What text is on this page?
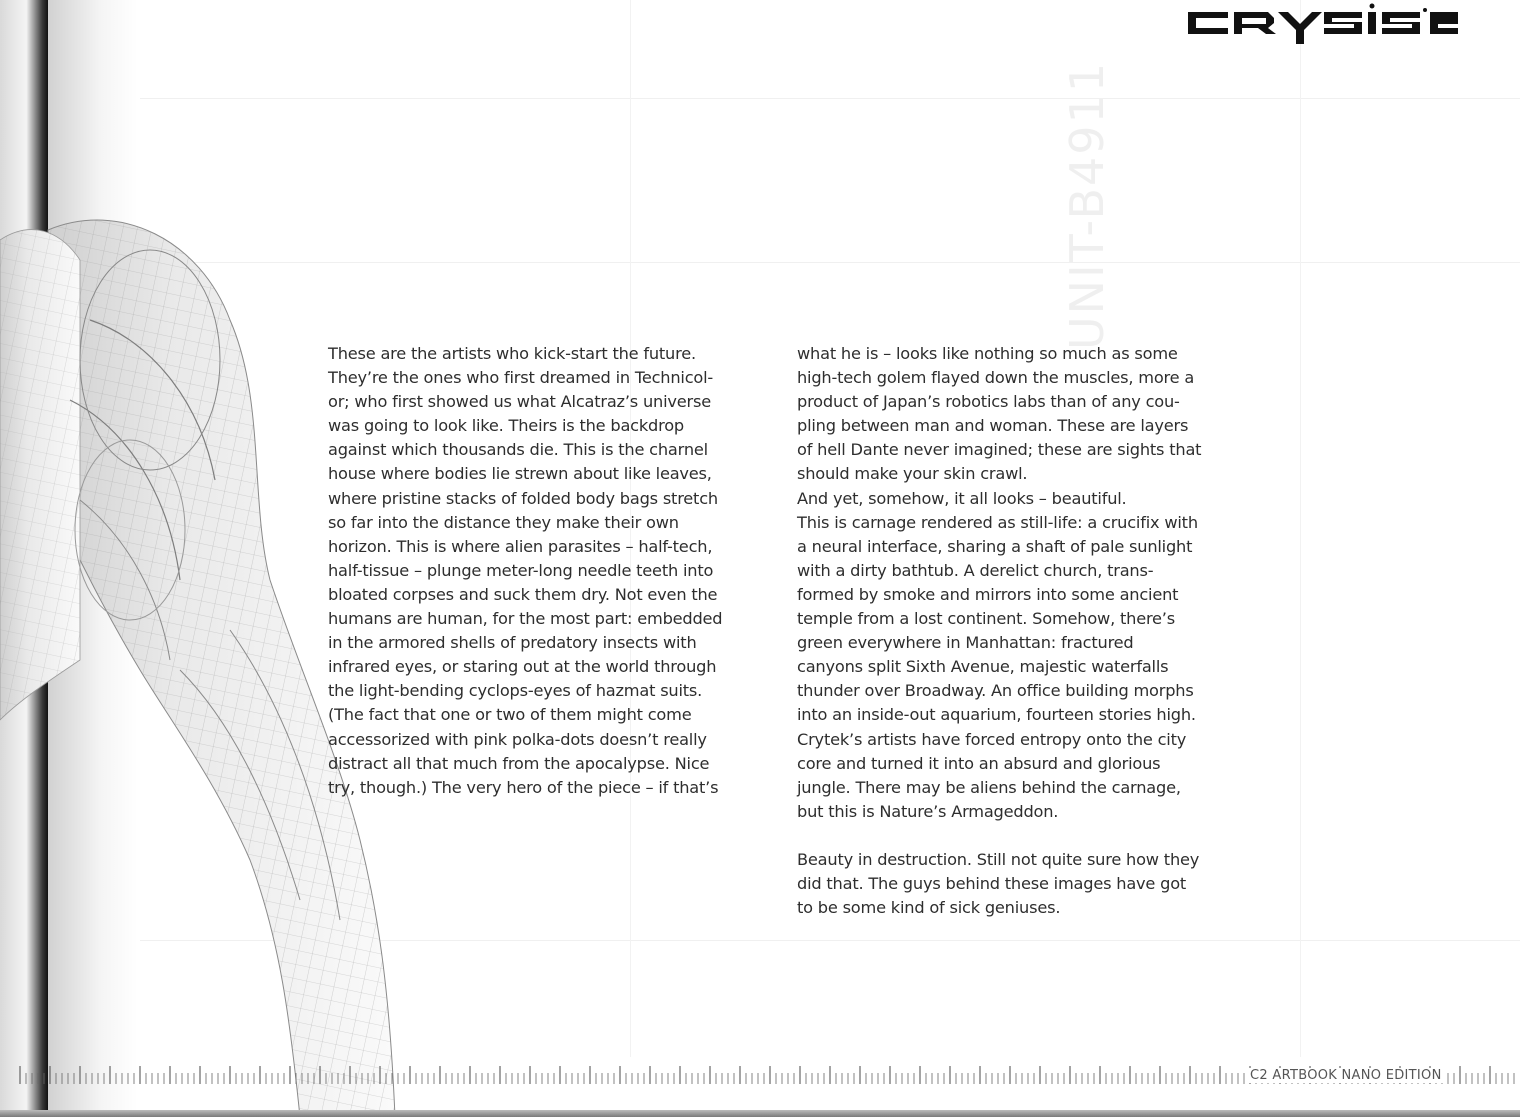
UNIT-B4911
These are the artists who kick-start the future.
They’re the ones who first dreamed in Technicol-
or; who first showed us what Alcatraz’s universe
was going to look like. Theirs is the backdrop
against which thousands die. This is the charnel
house where bodies lie strewn about like leaves,
where pristine stacks of folded body bags stretch
so far into the distance they make their own
horizon. This is where alien parasites – half-tech,
half-tissue – plunge meter-long needle teeth into
bloated corpses and suck them dry. Not even the
humans are human, for the most part: embedded
in the armored shells of predatory insects with
infrared eyes, or staring out at the world through
the light-bending cyclops-eyes of hazmat suits.
(The fact that one or two of them might come
accessorized with pink polka-dots doesn’t really
distract all that much from the apocalypse. Nice
try, though.) The very hero of the piece – if that’s
what he is – looks like nothing so much as some
high-tech golem flayed down the muscles, more a
product of Japan’s robotics labs than of any cou-
pling between man and woman. These are layers
of hell Dante never imagined; these are sights that
should make your skin crawl.
And yet, somehow, it all looks – beautiful.
This is carnage rendered as still-life: a crucifix with
a neural interface, sharing a shaft of pale sunlight
with a dirty bathtub. A derelict church, trans-
formed by smoke and mirrors into some ancient
temple from a lost continent. Somehow, there’s
green everywhere in Manhattan: fractured
canyons split Sixth Avenue, majestic waterfalls
thunder over Broadway. An office building morphs
into an inside-out aquarium, fourteen stories high.
Crytek’s artists have forced entropy onto the city
core and turned it into an absurd and glorious
jungle. There may be aliens behind the carnage,
but this is Nature’s Armageddon.
Beauty in destruction. Still not quite sure how they
did that. The guys behind these images have got
to be some kind of sick geniuses.
C2 ARTBOOK NANO EDITION
